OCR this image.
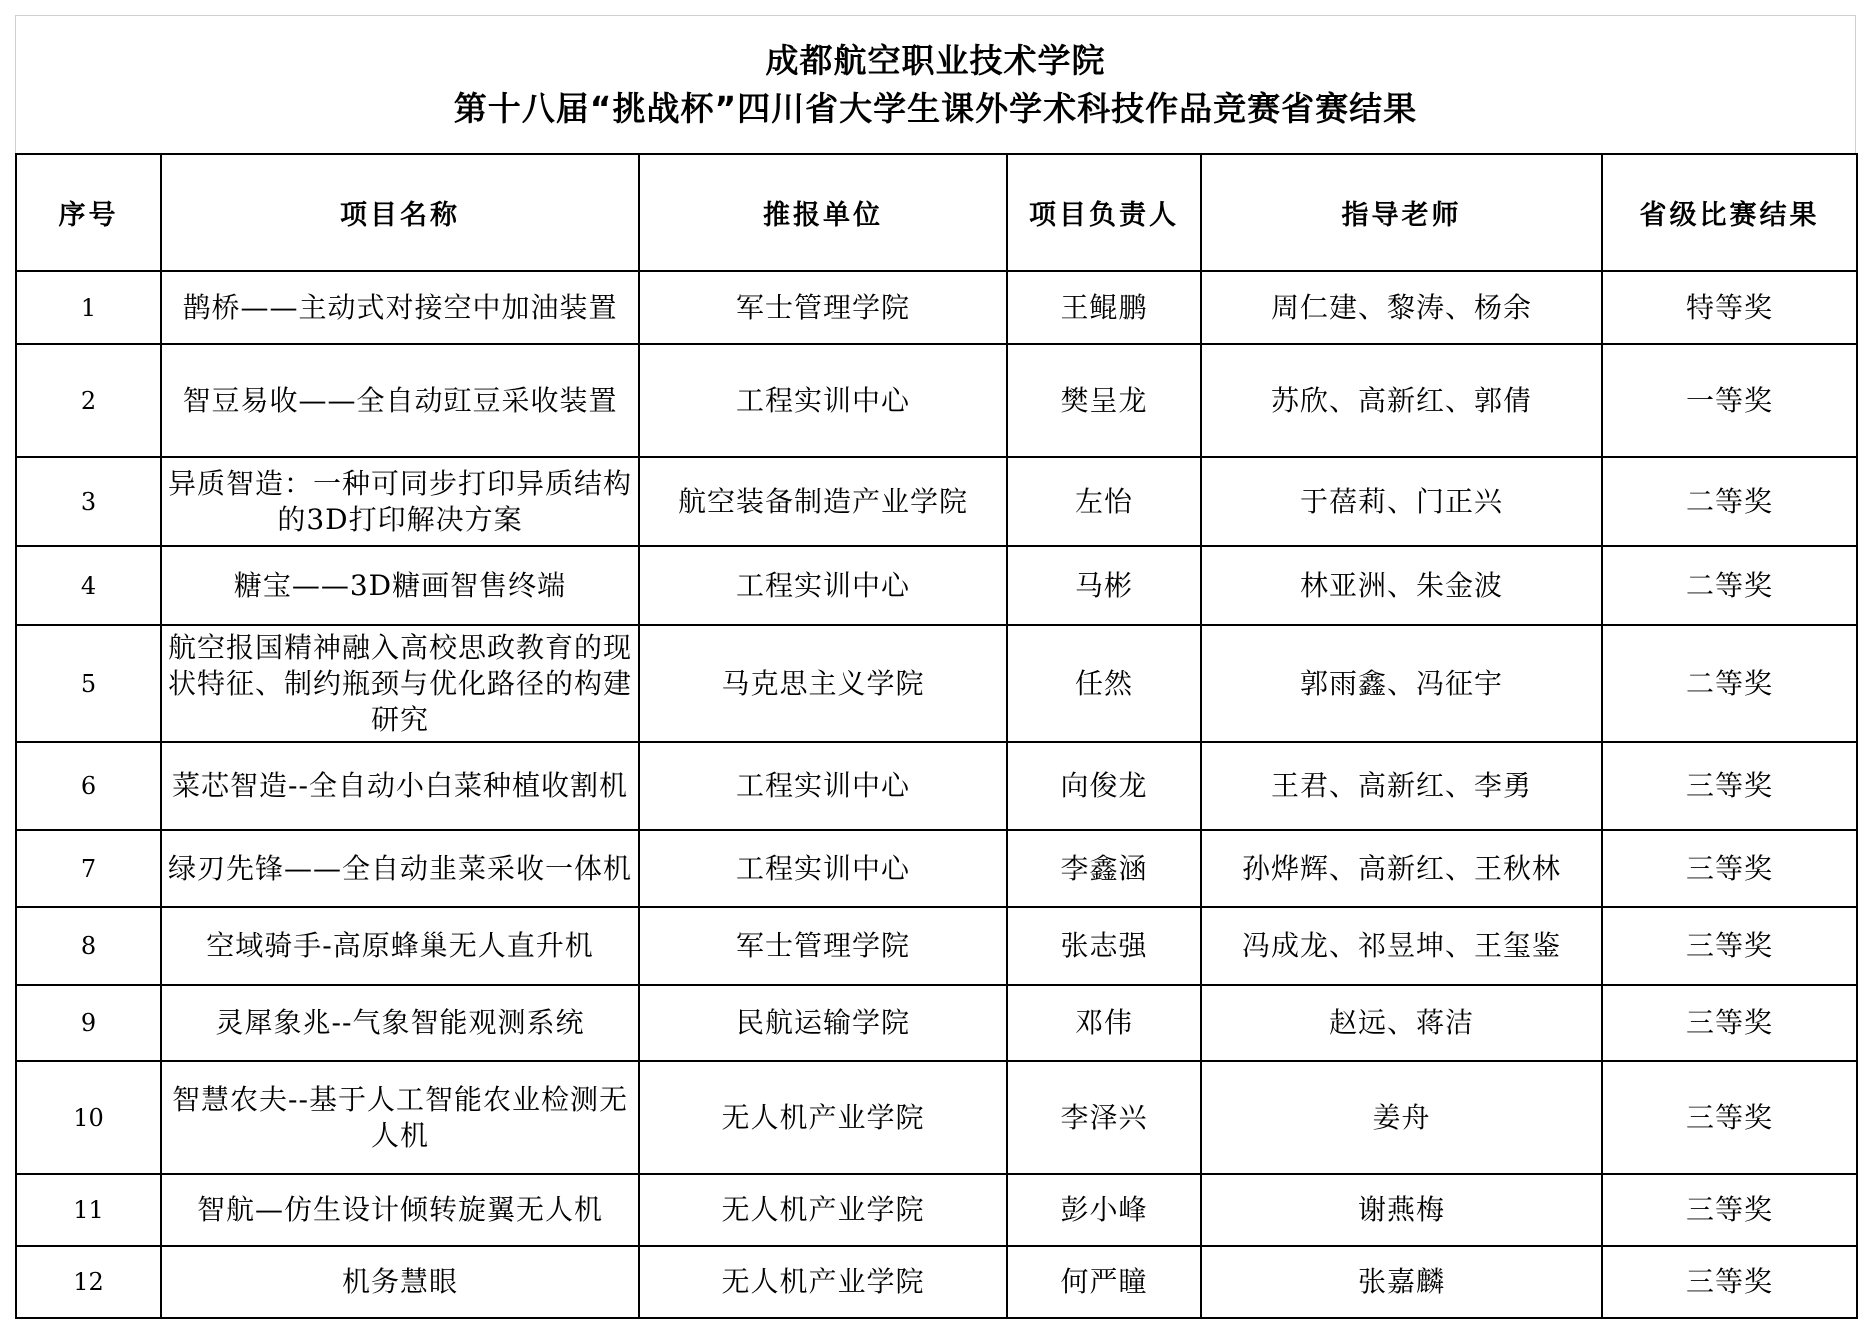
成都航空职业技术学院
第十八届“挑战杯”四川省大学生课外学术科技作品竞赛省赛结果
序号	项目名称	推报单位	项目负责人	指导老师	省级比赛结果
1	鹊桥——主动式对接空中加油装置	军士管理学院	王鲲鹏	周仁建、黎涛、杨余	特等奖
2	智豆易收——全自动豇豆采收装置	工程实训中心	樊呈龙	苏欣、高新红、郭倩	一等奖
3	异质智造：一种可同步打印异质结构的3D打印解决方案	航空装备制造产业学院	左怡	于蓓莉、门正兴	二等奖
4	糖宝——3D糖画智售终端	工程实训中心	马彬	林亚洲、朱金波	二等奖
5	航空报国精神融入高校思政教育的现状特征、制约瓶颈与优化路径的构建研究	马克思主义学院	任然	郭雨鑫、冯征宇	二等奖
6	菜芯智造--全自动小白菜种植收割机	工程实训中心	向俊龙	王君、高新红、李勇	三等奖
7	绿刃先锋——全自动韭菜采收一体机	工程实训中心	李鑫涵	孙烨辉、高新红、王秋林	三等奖
8	空域骑手-高原蜂巢无人直升机	军士管理学院	张志强	冯成龙、祁昱坤、王玺鉴	三等奖
9	灵犀象兆--气象智能观测系统	民航运输学院	邓伟	赵远、蒋洁	三等奖
10	智慧农夫--基于人工智能农业检测无人机	无人机产业学院	李泽兴	姜舟	三等奖
11	智航—仿生设计倾转旋翼无人机	无人机产业学院	彭小峰	谢燕梅	三等奖
12	机务慧眼	无人机产业学院	何严瞳	张嘉麟	三等奖
